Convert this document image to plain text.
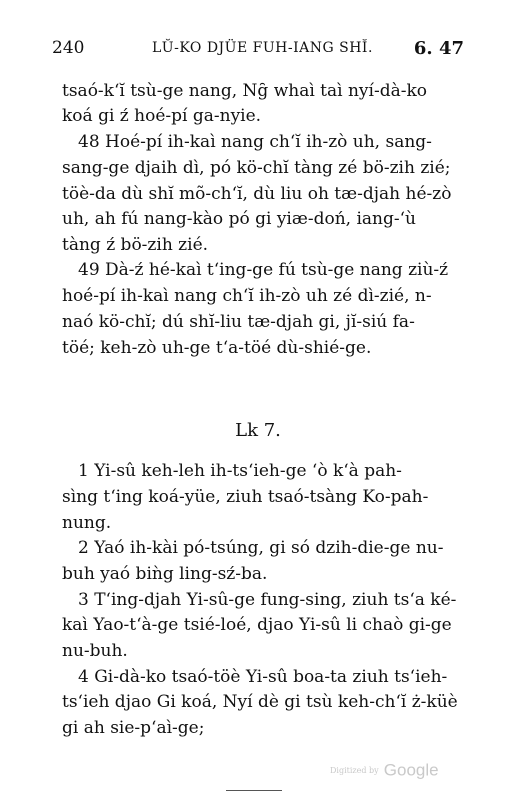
240	LŬ-KO DJÜE FUH-IANG SHĬ. 6. 47
tsaó-k‘ĭ tsù-ge nang, Ng̑ whaì taì nyí-dà-ko
koá gi ź hoé-pí ga-nyie.
48 Hoé-pí ih-kaì nang ch‘ĭ ih-zò uh, sang-
sang-ge djaih dì, pó kö-chĭ tàng zé bö-zih zié;
töè-da dù shĭ mõ-ch‘ĭ, dù liu oh tæ-djah hé-zò
uh, ah fú nang-kào pó gi yiæ-doń, iang-‘ù
tàng ź bö-zih zié.
49 Dà-ź hé-kaì t‘ing-ge fú tsù-ge nang ziù-ź
hoé-pí ih-kaì nang ch‘ĭ ih-zò uh zé dì-zié, n-
naó kö-chĭ; dú shĭ-liu tæ-djah gi, jĭ-siú fa-
töé; keh-zò uh-ge t‘a-töé dù-shié-ge.
Lk 7.
1 Yi-sû keh-leh ih-ts‘ieh-ge ‘ò k‘à pah-
sìng t‘ing koá-yüe, ziuh tsaó-tsàng Ko-pah-
nung.
2 Yaó ih-kài pó-tsúng, gi só dzih-die-ge nu-
buh yaó biǹg ling-sź-ba.
3 T‘ing-djah Yi-sû-ge fung-sing, ziuh ts‘a ké-
kaì Yao-t‘à-ge tsié-loé, djao Yi-sû li chaò gi-ge
nu-buh.
4 Gi-dà-ko tsaó-töè Yi-sû boa-ta ziuh ts‘ieh-
ts‘ieh djao Gi koá, Nyí dè gi tsù keh-ch‘ĭ ż-küè
gi ah sie-p‘aì-ge;
Digitized by Google
